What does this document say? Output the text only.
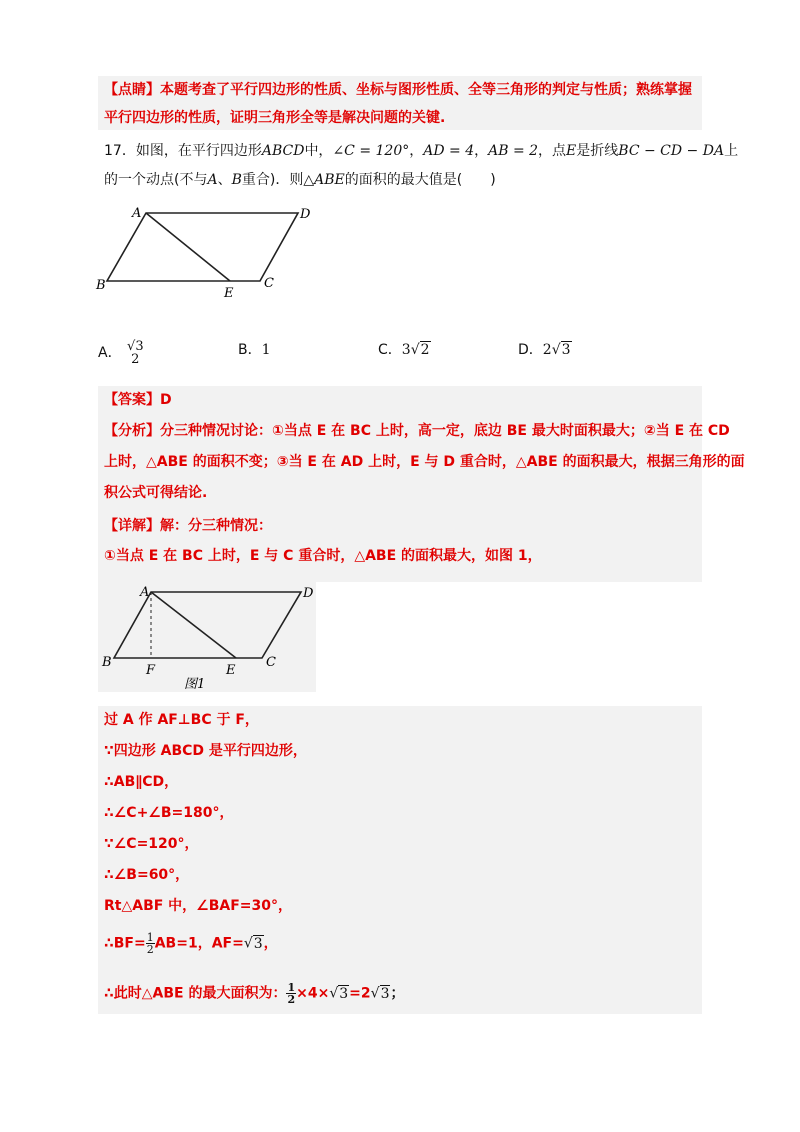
【点睛】本题考查了平行四边形的性质、坐标与图形性质、全等三角形的判定与性质；熟练掌握
平行四边形的性质，证明三角形全等是解决问题的关键.
17．如图，在平行四边形ABCD中，∠C = 120°，AD = 4，AB = 2，点E是折线BC − CD − DA上
的一个动点(不与A、B重合)．则△ABE的面积的最大值是(　　)
A	D
B
E
C
A． √3
2
B．1	C．3√2	D．2√3
【答案】D
【分析】分三种情况讨论：①当点 E 在 BC 上时，高一定，底边 BE 最大时面积最大；②当 E 在 CD
上时，△ABE 的面积不变；③当 E 在 AD 上时，E 与 D 重合时，△ABE 的面积最大，根据三角形的面
积公式可得结论.
【详解】解：分三种情况：
①当点 E 在 BC 上时，E 与 C 重合时，△ABE 的面积最大，如图 1，
A	D
B
F	E
C
图1
过 A 作 AF⊥BC 于 F，
∵四边形 ABCD 是平行四边形，
∴AB∥CD，
∴∠C+∠B=180°，
∵∠C=120°，
∴∠B=60°，
Rt△ABF 中，∠BAF=30°，
∴BF= $\frac{1}{2} AB=1$，AF=√3，
∴此时△ABE 的最大面积为： $\frac{1}{2} \times 4\times√3=2√3$；
